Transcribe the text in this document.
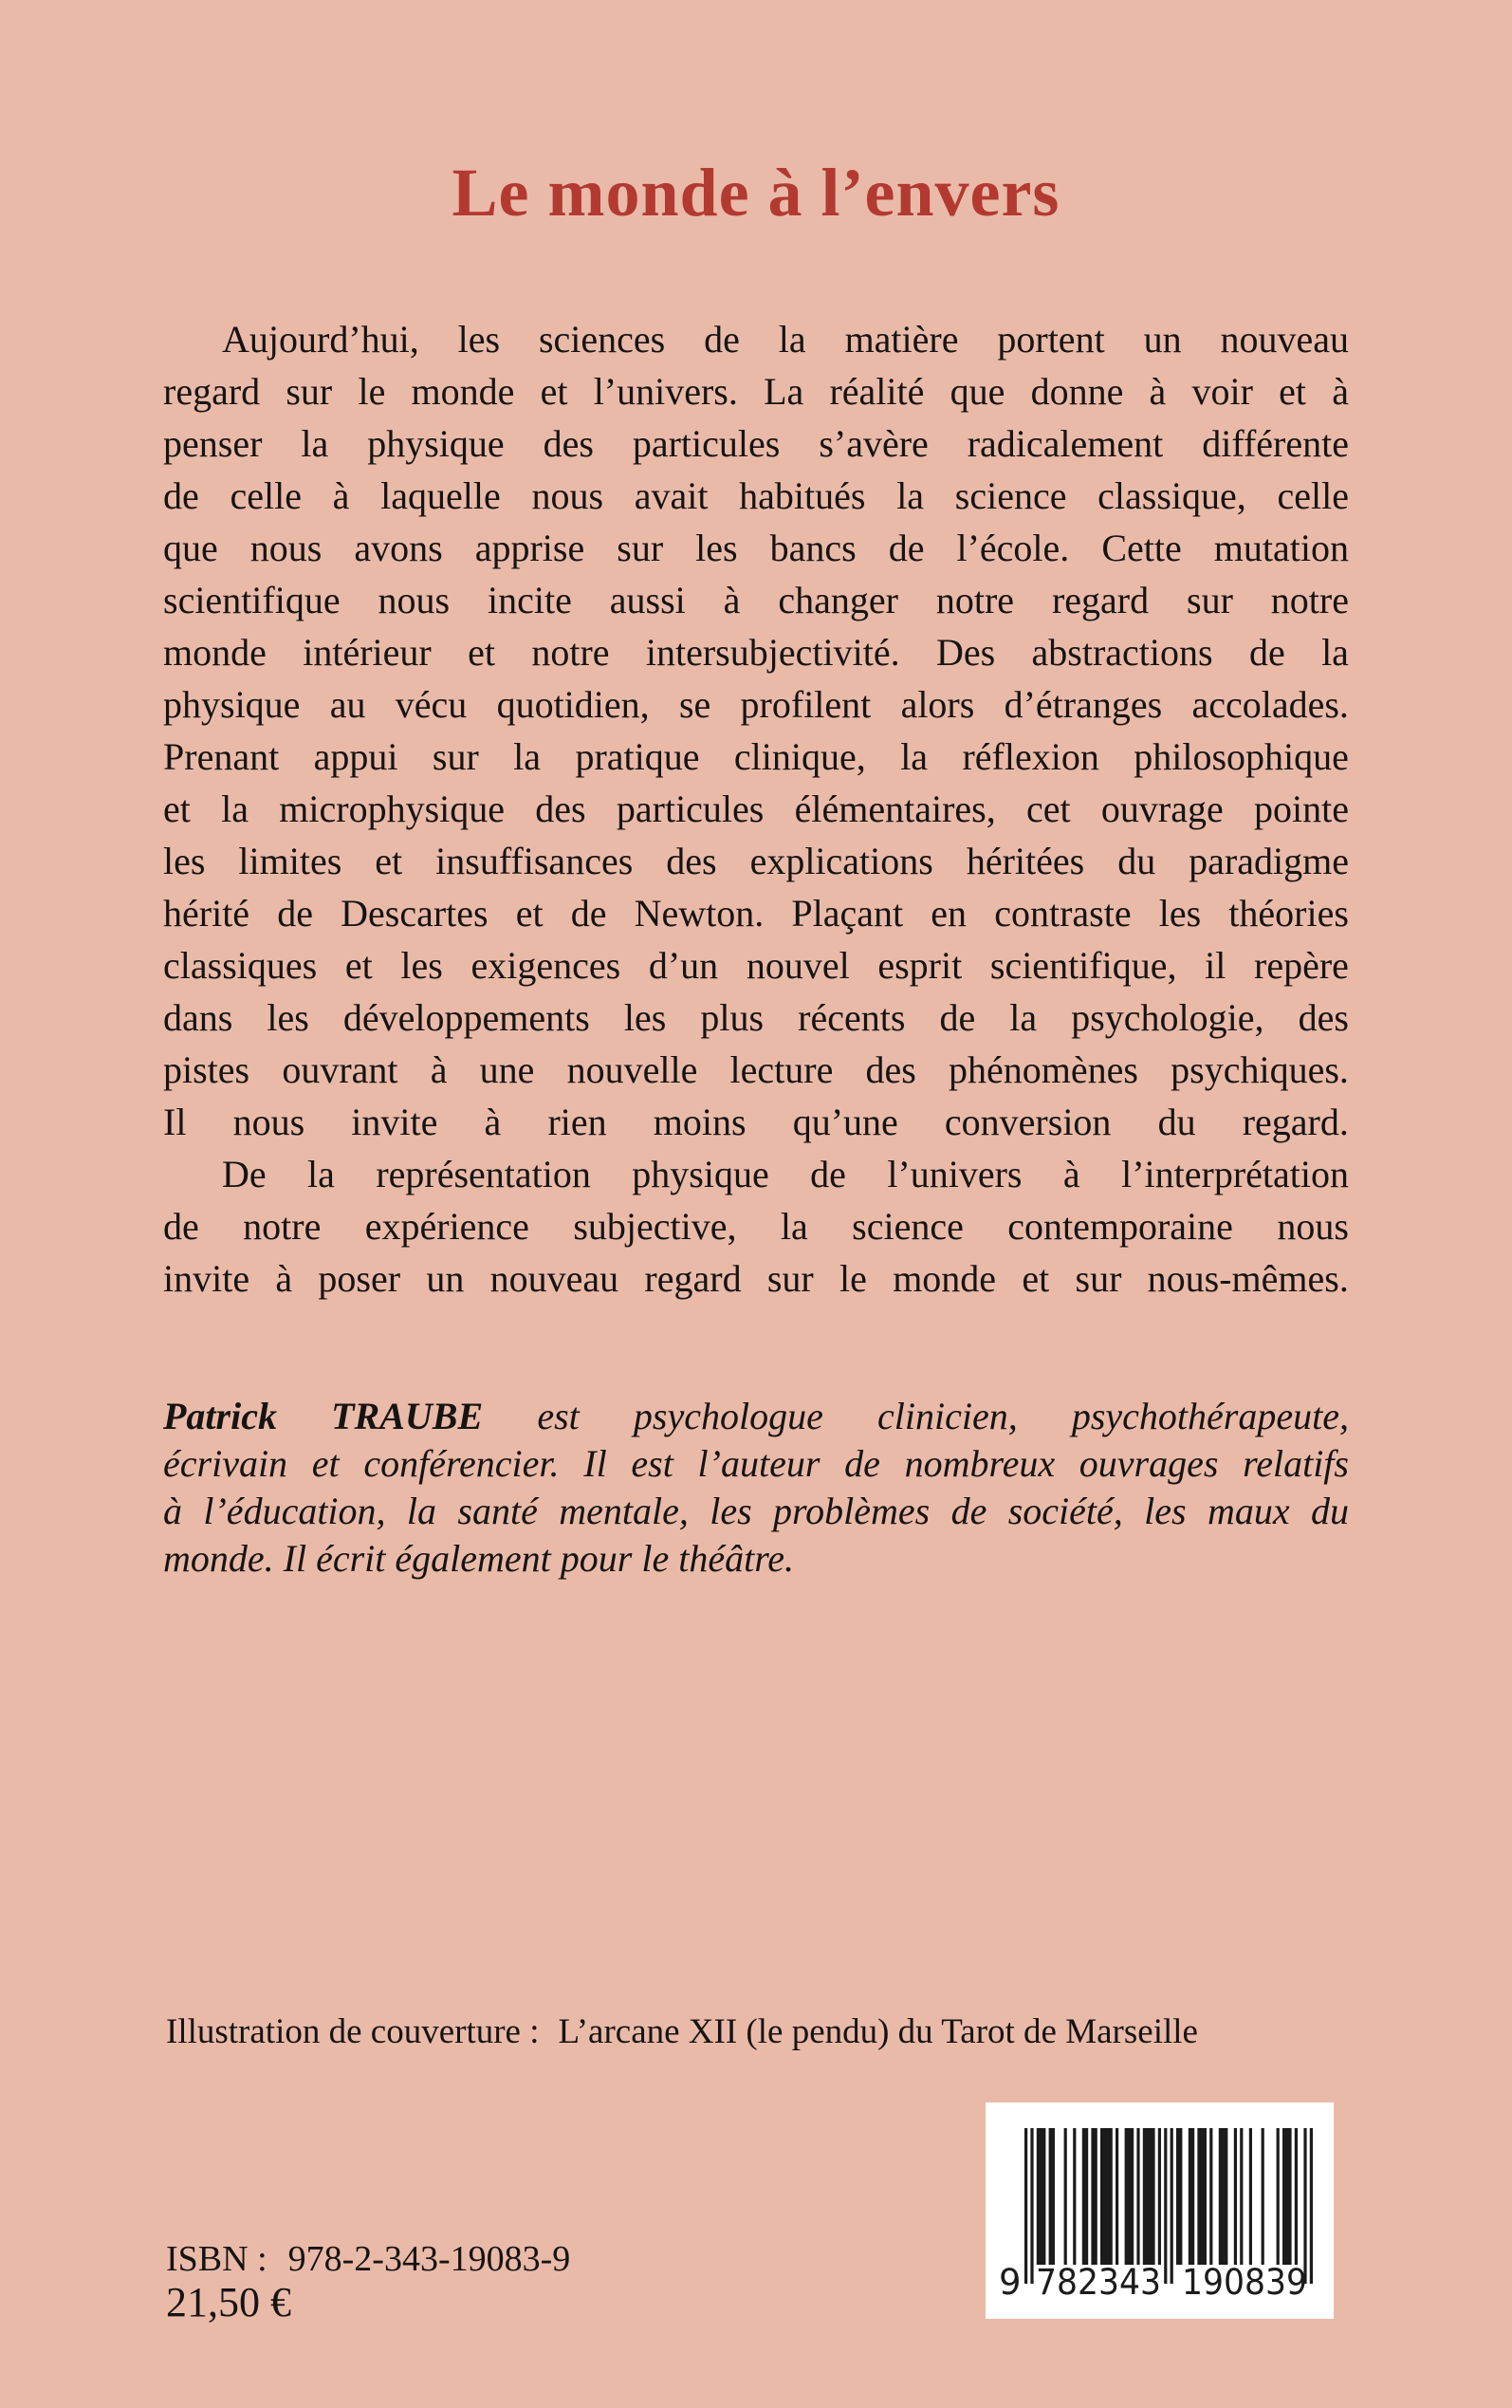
Le monde à l’envers
Aujourd’hui, les sciences de la matière portent un nouveau
regard sur le monde et l’univers. La réalité que donne à voir et à
penser la physique des particules s’avère radicalement différente
de celle à laquelle nous avait habitués la science classique, celle
que nous avons apprise sur les bancs de l’école. Cette mutation
scientifique nous incite aussi à changer notre regard sur notre
monde intérieur et notre intersubjectivité. Des abstractions de la
physique au vécu quotidien, se profilent alors d’étranges accolades.
Prenant appui sur la pratique clinique, la réflexion philosophique
et la microphysique des particules élémentaires, cet ouvrage pointe
les limites et insuffisances des explications héritées du paradigme
hérité de Descartes et de Newton. Plaçant en contraste les théories
classiques et les exigences d’un nouvel esprit scientifique, il repère
dans les développements les plus récents de la psychologie, des
pistes ouvrant à une nouvelle lecture des phénomènes psychiques.
Il nous invite à rien moins qu’une conversion du regard.
De la représentation physique de l’univers à l’interprétation
de notre expérience subjective, la science contemporaine nous
invite à poser un nouveau regard sur le monde et sur nous-mêmes.
Patrick TRAUBE est psychologue clinicien, psychothérapeute,
écrivain et conférencier. Il est l’auteur de nombreux ouvrages relatifs
à l’éducation, la santé mentale, les problèmes de société, les maux du
monde. Il écrit également pour le théâtre.
Illustration de couverture : L’arcane XII (le pendu) du Tarot de Marseille
9 782343 190839
ISBN : 978-2-343-19083-9
21,50 €
